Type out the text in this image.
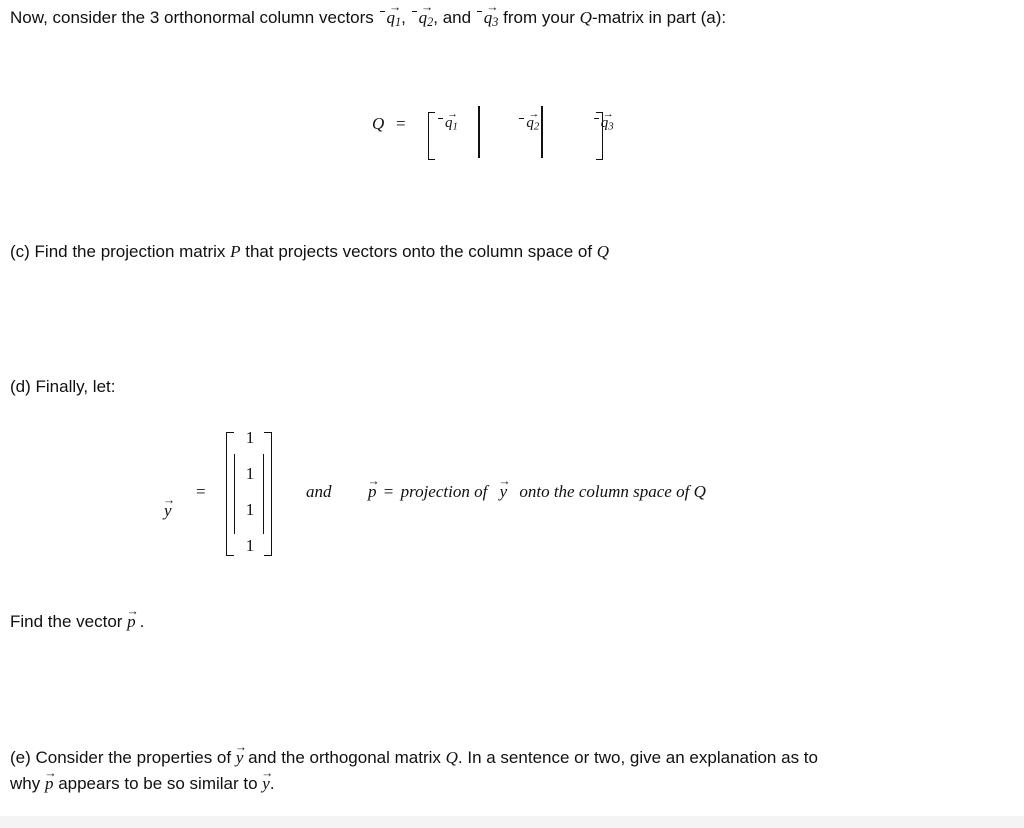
Now, consider the 3 orthonormal column vectors → $q_1$, → $q_2$, and → $q_3$ from your Q-matrix in part (a):
Q =	→ $q_1$	→ $q_2$	→ $q_3$
(c) Find the projection matrix P that projects vectors onto the column space of Q
(d) Finally, let:
→ y
=
1
1
1
1
and → p = projection of → y onto the column space of Q
Find the vector → p .
(e) Consider the properties of → y and the orthogonal matrix Q. In a sentence or two, give an explanation as to
why → p appears to be so similar to → y.
